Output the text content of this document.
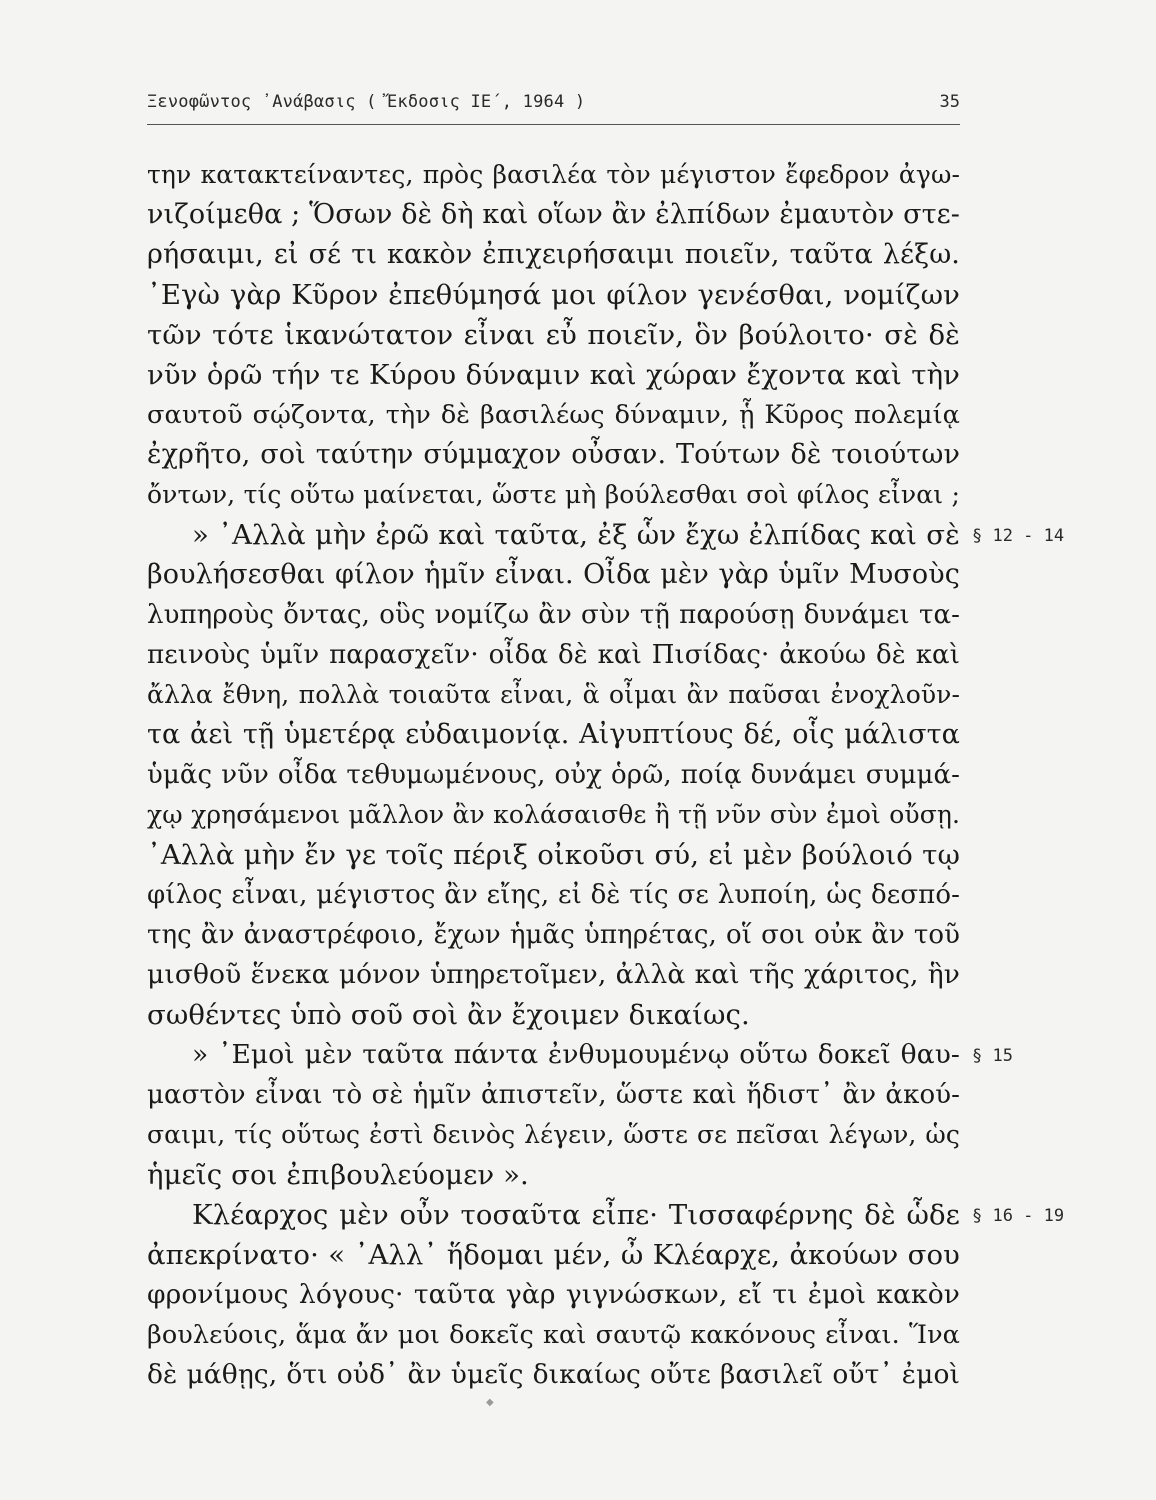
Ξενοφῶντος ᾽Ανάβασις ( Ἔκδοσις ΙΕ΄, 1964 )	35
την κατακτείναντες, πρὸς βασιλέα τὸν μέγιστον ἔφεδρον ἀγω-
νιζοίμεθα ; Ὅσων δὲ δὴ καὶ οἵων ἂν ἐλπίδων ἐμαυτὸν στε-
ρήσαιμι, εἰ σέ τι κακὸν ἐπιχειρήσαιμι ποιεῖν, ταῦτα λέξω.
᾽Εγὼ γὰρ Κῦρον ἐπεθύμησά μοι φίλον γενέσθαι, νομίζων
τῶν τότε ἱκανώτατον εἶναι εὖ ποιεῖν, ὃν βούλοιτο· σὲ δὲ
νῦν ὁρῶ τήν τε Κύρου δύναμιν καὶ χώραν ἔχοντα καὶ τὴν
σαυτοῦ σῴζοντα, τὴν δὲ βασιλέως δύναμιν, ᾗ Κῦρος πολεμίᾳ
ἐχρῆτο, σοὶ ταύτην σύμμαχον οὖσαν. Τούτων δὲ τοιούτων
ὄντων, τίς οὕτω μαίνεται, ὥστε μὴ βούλεσθαι σοὶ φίλος εἶναι ;
» ᾽Αλλὰ μὴν ἐρῶ καὶ ταῦτα, ἐξ ὧν ἔχω ἐλπίδας καὶ σὲ
βουλήσεσθαι φίλον ἡμῖν εἶναι. Οἶδα μὲν γὰρ ὑμῖν Μυσοὺς
λυπηροὺς ὄντας, οὓς νομίζω ἂν σὺν τῇ παρούσῃ δυνάμει τα-
πεινοὺς ὑμῖν παρασχεῖν· οἶδα δὲ καὶ Πισίδας· ἀκούω δὲ καὶ
ἄλλα ἔθνη, πολλὰ τοιαῦτα εἶναι, ἃ οἶμαι ἂν παῦσαι ἐνοχλοῦν-
τα ἀεὶ τῇ ὑμετέρᾳ εὐδαιμονίᾳ. Αἰγυπτίους δέ, οἷς μάλιστα
ὑμᾶς νῦν οἶδα τεθυμωμένους, οὐχ ὁρῶ, ποίᾳ δυνάμει συμμά-
χῳ χρησάμενοι μᾶλλον ἂν κολάσαισθε ἢ τῇ νῦν σὺν ἐμοὶ οὔσῃ.
᾽Αλλὰ μὴν ἔν γε τοῖς πέριξ οἰκοῦσι σύ, εἰ μὲν βούλοιό τῳ
φίλος εἶναι, μέγιστος ἂν εἴης, εἰ δὲ τίς σε λυποίη, ὡς δεσπό-
της ἂν ἀναστρέφοιο, ἔχων ἡμᾶς ὑπηρέτας, οἵ σοι οὐκ ἂν τοῦ
μισθοῦ ἕνεκα μόνον ὑπηρετοῖμεν, ἀλλὰ καὶ τῆς χάριτος, ἣν
σωθέντες ὑπὸ σοῦ σοὶ ἂν ἔχοιμεν δικαίως.
» ᾽Εμοὶ μὲν ταῦτα πάντα ἐνθυμουμένῳ οὕτω δοκεῖ θαυ-
μαστὸν εἶναι τὸ σὲ ἡμῖν ἀπιστεῖν, ὥστε καὶ ἥδιστ᾽ ἂν ἀκού-
σαιμι, τίς οὕτως ἐστὶ δεινὸς λέγειν, ὥστε σε πεῖσαι λέγων, ὡς
ἡμεῖς σοι ἐπιβουλεύομεν ».
Κλέαρχος μὲν οὖν τοσαῦτα εἶπε· Τισσαφέρνης δὲ ὧδε
ἀπεκρίνατο· « ᾽Αλλ᾽ ἥδομαι μέν, ὦ Κλέαρχε, ἀκούων σου
φρονίμους λόγους· ταῦτα γὰρ γιγνώσκων, εἴ τι ἐμοὶ κακὸν
βουλεύοις, ἅμα ἄν μοι δοκεῖς καὶ σαυτῷ κακόνους εἶναι. Ἵνα
δὲ μάθῃς, ὅτι οὐδ᾽ ἂν ὑμεῖς δικαίως οὔτε βασιλεῖ οὔτ᾽ ἐμοὶ
§ 12 - 14
§ 15
§ 16 - 19
◆
